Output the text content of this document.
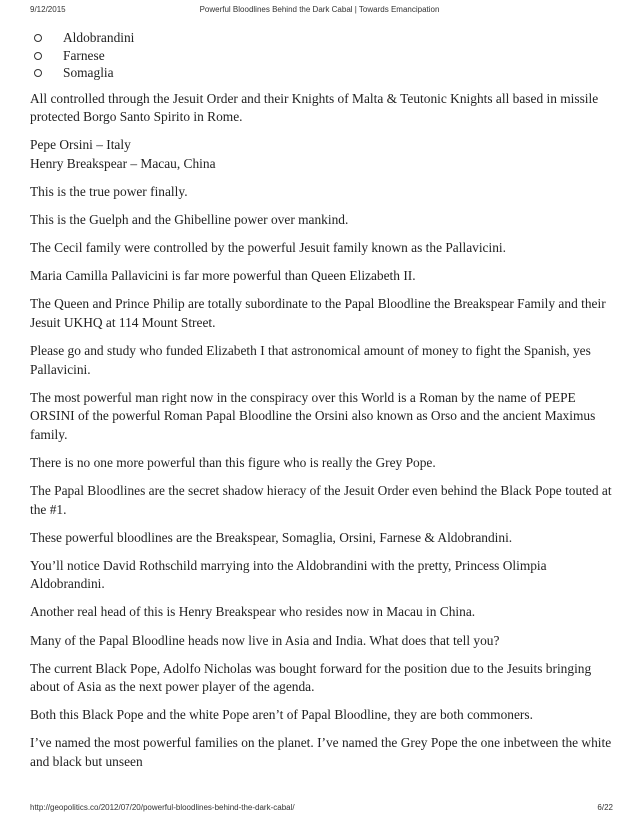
9/12/2015	Powerful Bloodlines Behind the Dark Cabal | Towards Emancipation
Aldobrandini
Farnese
Somaglia

All controlled through the Jesuit Order and their Knights of Malta & Teutonic Knights all based in missile protected Borgo Santo Spirito in Rome.

Pepe Orsini – Italy
Henry Breakspear – Macau, China

This is the true power finally.

This is the Guelph and the Ghibelline power over mankind.

The Cecil family were controlled by the powerful Jesuit family known as the Pallavicini.

Maria Camilla Pallavicini is far more powerful than Queen Elizabeth II.

The Queen and Prince Philip are totally subordinate to the Papal Bloodline the Breakspear Family and their Jesuit UKHQ at 114 Mount Street.

Please go and study who funded Elizabeth I that astronomical amount of money to fight the Spanish, yes Pallavicini.

The most powerful man right now in the conspiracy over this World is a Roman by the name of PEPE ORSINI of the powerful Roman Papal Bloodline the Orsini also known as Orso and the ancient Maximus family.

There is no one more powerful than this figure who is really the Grey Pope.

The Papal Bloodlines are the secret shadow hieracy of the Jesuit Order even behind the Black Pope touted at the #1.

These powerful bloodlines are the Breakspear, Somaglia, Orsini, Farnese & Aldobrandini.

You’ll notice David Rothschild marrying into the Aldobrandini with the pretty, Princess Olimpia Aldobrandini.

Another real head of this is Henry Breakspear who resides now in Macau in China.

Many of the Papal Bloodline heads now live in Asia and India. What does that tell you?

The current Black Pope, Adolfo Nicholas was bought forward for the position due to the Jesuits bringing about of Asia as the next power player of the agenda.

Both this Black Pope and the white Pope aren’t of Papal Bloodline, they are both commoners.

I’ve named the most powerful families on the planet. I’ve named the Grey Pope the one inbetween the white and black but unseen

http://geopolitics.co/2012/07/20/powerful-bloodlines-behind-the-dark-cabal/	6/22
